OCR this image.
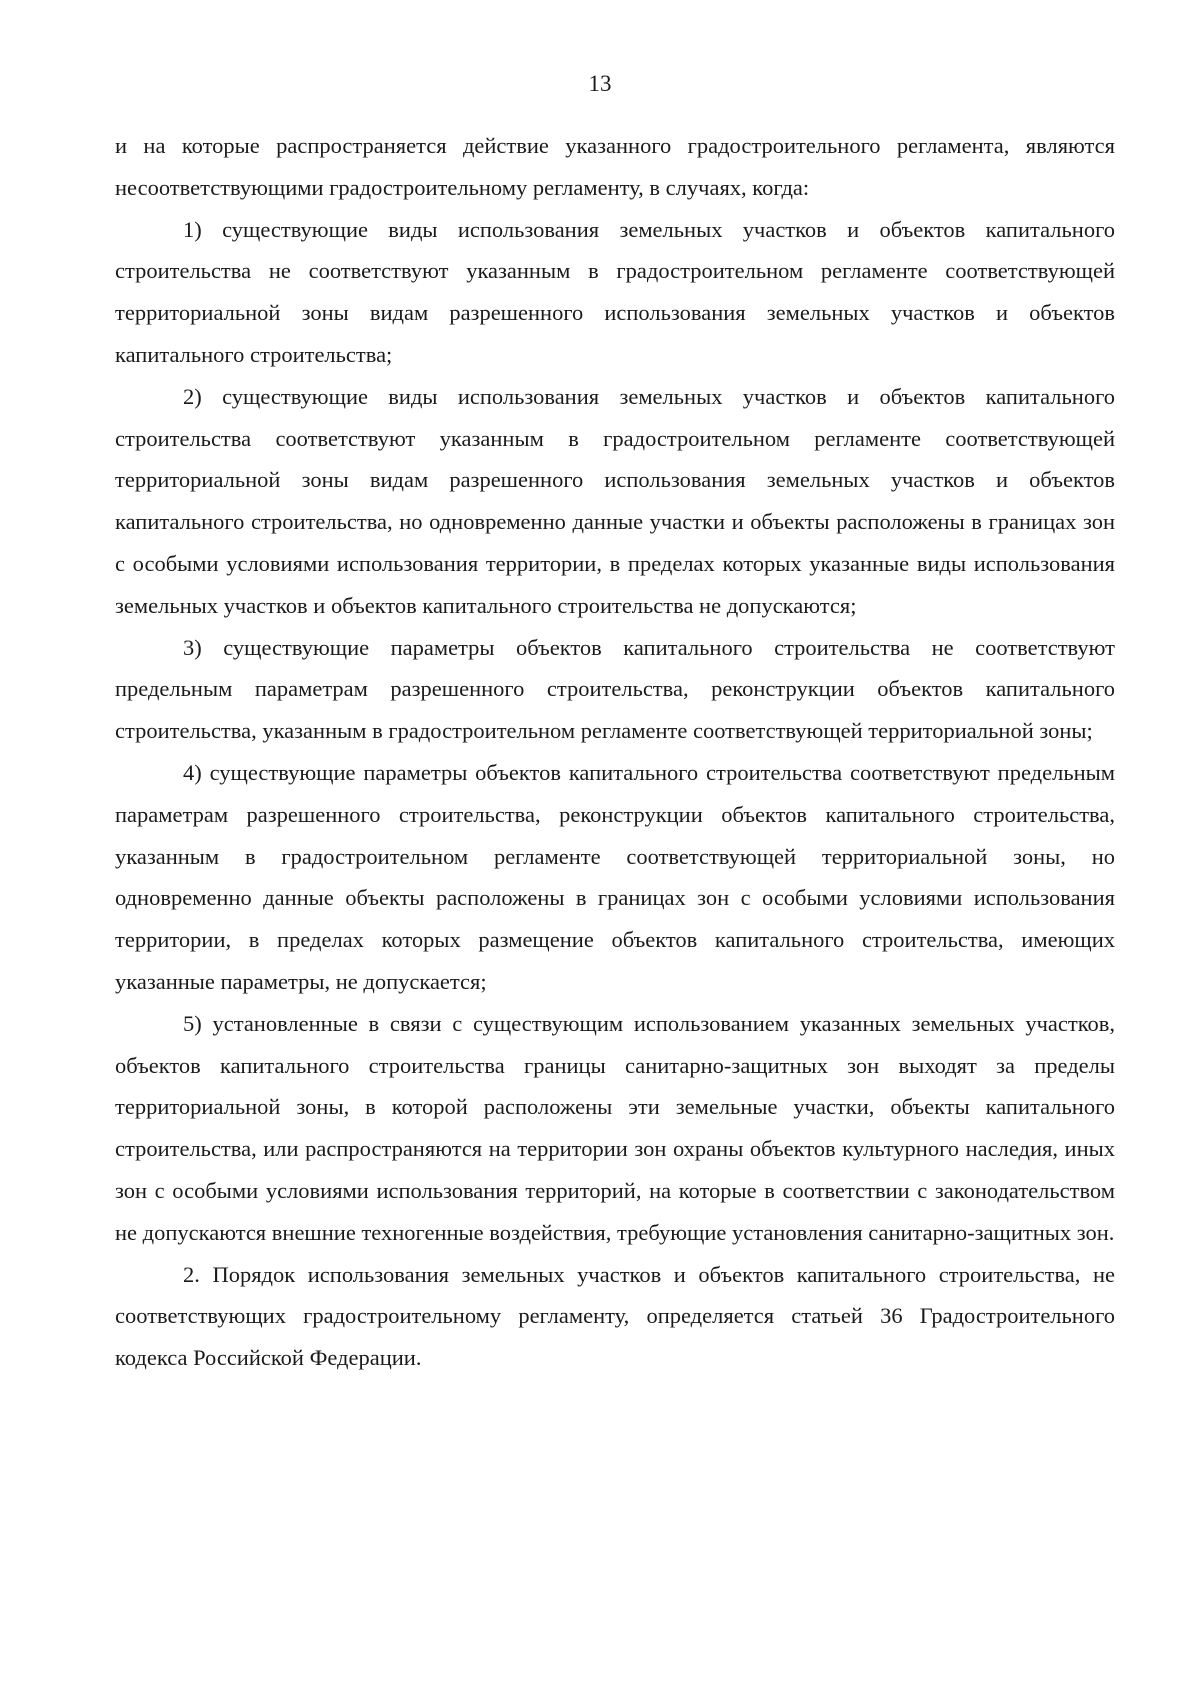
13

и на которые распространяется действие указанного градостроительного регламента, являются несоответствующими градостроительному регламенту, в случаях, когда:

1) существующие виды использования земельных участков и объектов капитального строительства не соответствуют указанным в градостроительном регламенте соответствующей территориальной зоны видам разрешенного использования земельных участков и объектов капитального строительства;

2) существующие виды использования земельных участков и объектов капитального строительства соответствуют указанным в градостроительном регламенте соответствующей территориальной зоны видам разрешенного использования земельных участков и объектов капитального строительства, но одновременно данные участки и объекты расположены в границах зон с особыми условиями использования территории, в пределах которых указанные виды использования земельных участков и объектов капитального строительства не допускаются;

3) существующие параметры объектов капитального строительства не соответствуют предельным параметрам разрешенного строительства, реконструкции объектов капитального строительства, указанным в градостроительном регламенте соответствующей территориальной зоны;

4) существующие параметры объектов капитального строительства соответствуют предельным параметрам разрешенного строительства, реконструкции объектов капитального строительства, указанным в градостроительном регламенте соответствующей территориальной зоны, но одновременно данные объекты расположены в границах зон с особыми условиями использования территории, в пределах которых размещение объектов капитального строительства, имеющих указанные параметры, не допускается;

5) установленные в связи с существующим использованием указанных земельных участков, объектов капитального строительства границы санитарно-защитных зон выходят за пределы территориальной зоны, в которой расположены эти земельные участки, объекты капитального строительства, или распространяются на территории зон охраны объектов культурного наследия, иных зон с особыми условиями использования территорий, на которые в соответствии с законодательством не допускаются внешние техногенные воздействия, требующие установления санитарно-защитных зон.

2. Порядок использования земельных участков и объектов капитального строительства, не соответствующих градостроительному регламенту, определяется статьей 36 Градостроительного кодекса Российской Федерации.
